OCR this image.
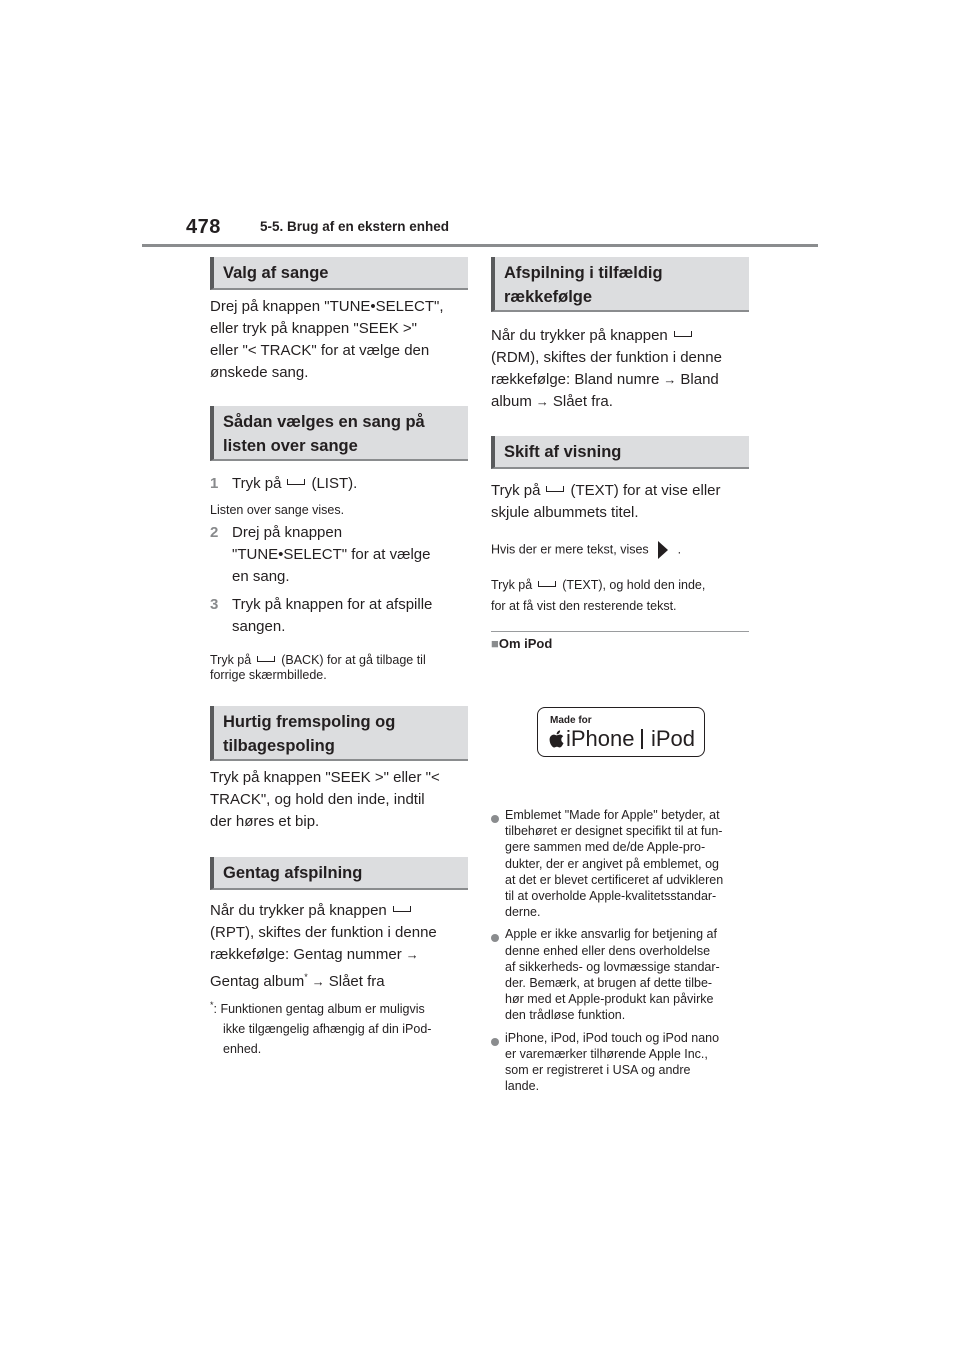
478	5-5. Brug af en ekstern enhed
Valg af sange
Drej på knappen "TUNE•SELECT",
eller tryk på knappen "SEEK >"
eller "< TRACK" for at vælge den
ønskede sang.
Sådan vælges en sang på
listen over sange
1 Tryk på (LIST).
Listen over sange vises.
2 Drej på knappen
"TUNE•SELECT" for at vælge
en sang.
3 Tryk på knappen for at afspille
sangen.
Tryk på (BACK) for at gå tilbage til
forrige skærmbillede.
Hurtig fremspoling og
tilbagespoling
Tryk på knappen "SEEK >" eller "<
TRACK", og hold den inde, indtil
der høres et bip.
Gentag afspilning
Når du trykker på knappen
(RPT), skiftes der funktion i denne
rækkefølge: Gentag nummer →
Gentag album* → Slået fra
*: Funktionen gentag album er muligvis
ikke tilgængelig afhængig af din iPod-
enhed.
Afspilning i tilfældig
rækkefølge
Når du trykker på knappen
(RDM), skiftes der funktion i denne
rækkefølge: Bland numre → Bland
album → Slået fra.
Skift af visning
Tryk på (TEXT) for at vise eller
skjule albummets titel.
Hvis der er mere tekst, vises .
Tryk på (TEXT), og hold den inde,
for at få vist den resterende tekst.
■Om iPod
Made for
iPhone iPod
Emblemet "Made for Apple" betyder, at
tilbehøret er designet specifikt til at fun-
gere sammen med de/de Apple-pro-
dukter, der er angivet på emblemet, og
at det er blevet certificeret af udvikleren
til at overholde Apple-kvalitetsstandar-
derne.
Apple er ikke ansvarlig for betjening af
denne enhed eller dens overholdelse
af sikkerheds- og lovmæssige standar-
der. Bemærk, at brugen af dette tilbe-
hør med et Apple-produkt kan påvirke
den trådløse funktion.
iPhone, iPod, iPod touch og iPod nano
er varemærker tilhørende Apple Inc.,
som er registreret i USA og andre
lande.
